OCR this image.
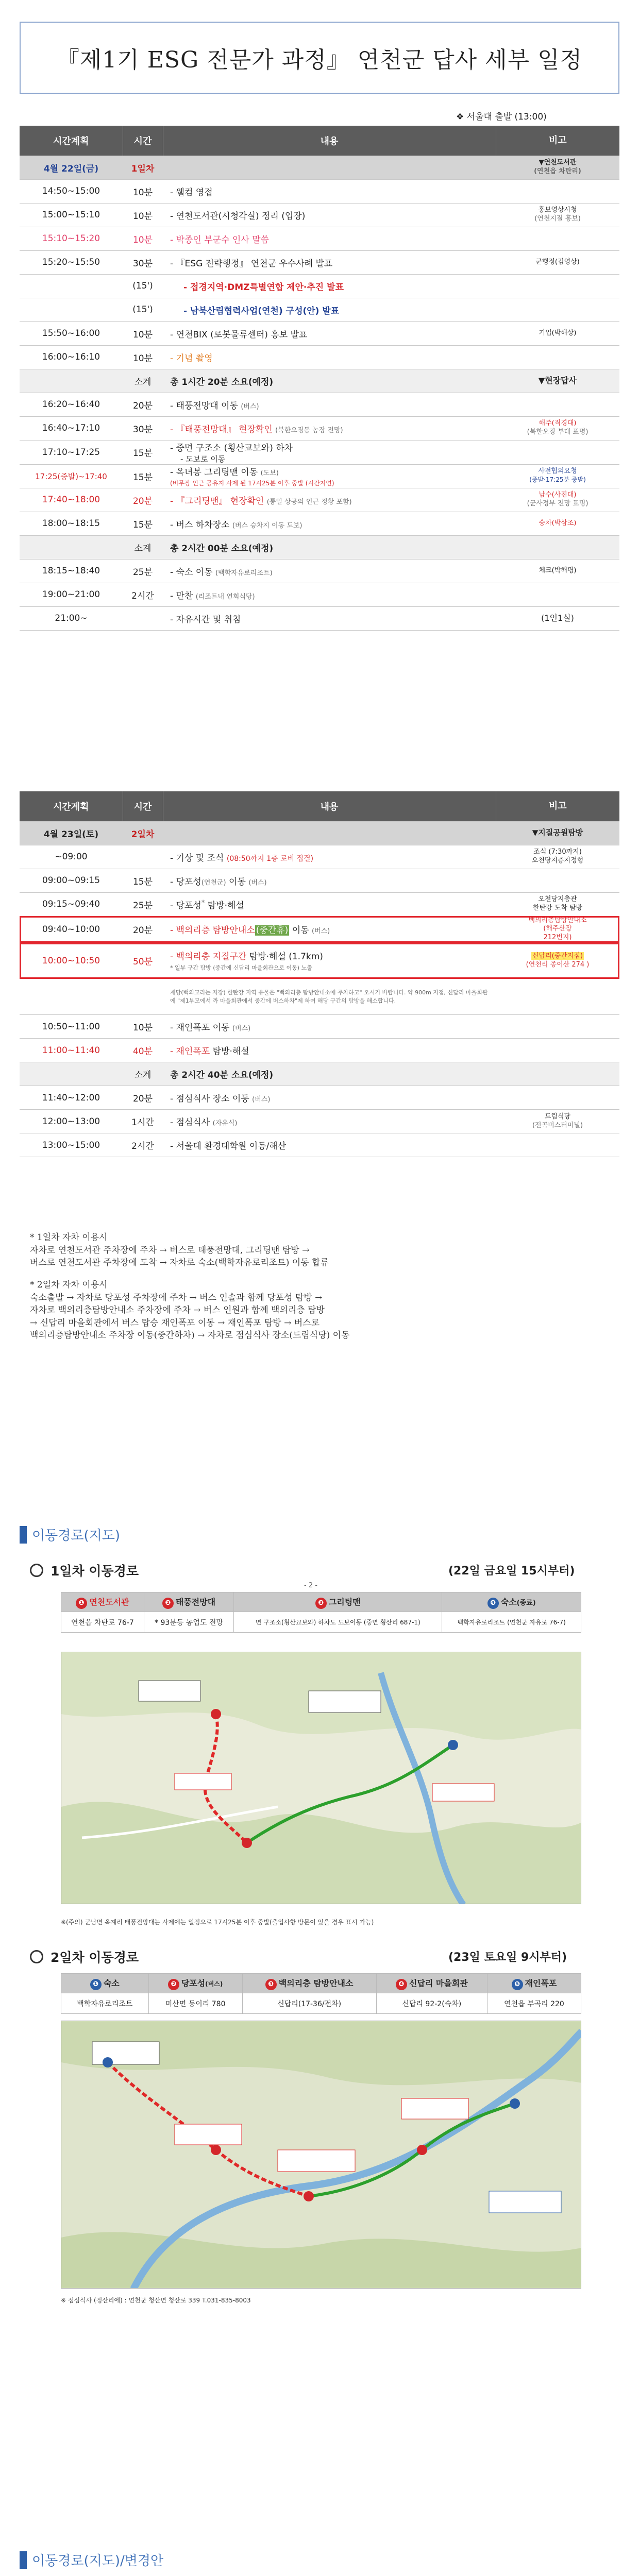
『제1기 ESG 전문가 과정』 연천군 답사 세부 일정
❖ 서울대 출발 (13:00)
시간계획	시간	내용	비고
4월 22일(금)	1일차		▼연천도서관
(연천읍 차탄리)
14:50~15:00	10분	- 웰컴 영접	
15:00~15:10	10분	- 연천도서관(시청각실) 정리 (입장)	홍보영상시청
(연천지질 홍보)
15:10~15:20	10분	- 박종인 부군수 인사 말씀	
15:20~15:50	30분	- 『ESG 전략행정』 연천군 우수사례 발표	군행정(김영상)
	(15')	- 접경지역·DMZ특별연합 제안·추진 발표	
	(15')	- 남북산림협력사업(연천) 구성(안) 발표	
15:50~16:00	10분	- 연천BIX (로봇물류센터) 홍보 발표	기업(박해상)
16:00~16:10	10분	- 기념 촬영	
	소계	총 1시간 20분 소요(예정)	▼현장답사
16:20~16:40	20분	- 태풍전망대 이동 (버스)	
16:40~17:10	30분	- 『태풍전망대』 현장확인 (북한오징동 농장 전망)	해주(직경대)
(북한오징 부대 표명)
17:10~17:25	15분	- 중면 구조소 (횡산교보와) 하차
- 도보로 이동	
17:25(중발)~17:40	15분	- 옥녀봉 그리팅맨 이동 (도보)
(비무장 인근 공유지 사제 된 17시25분 이후 중발 (시간지연)	사전협의요청
(중발·17:25분 중발)
17:40~18:00	20분	- 『그리팅맨』 현장확인 (통일 상공의 인근 정황 포함)	남수(사진대)
(군사정부 전망 표명)
18:00~18:15	15분	- 버스 하차장소 (버스 승차지 이동 도보)	승차(박삼조)
	소계	총 2시간 00분 소요(예정)	
18:15~18:40	25분	- 숙소 이동 (백학자유로리조트)	체크(박해평)
19:00~21:00	2시간	- 만찬 (리조트내 연회식당)	
21:00~		- 자유시간 및 취침	(1인1실)
시간계획	시간	내용	비고
4월 23일(토)	2일차		▼지질공원탐방
~09:00		- 기상 및 조식 (08:50까지 1층 로비 집결)	조식 (7:30까지)
오천당지층지정형
09:00~09:15	15분	- 당포성(연천군) 이동 (버스)	
09:15~09:40	25분	- 당포성* 탐방·해설	오천당지층관
한탄강 도착 탐방
09:40~10:00	20분	- 백의리층 탐방안내소 (중간휴) 이동 (버스)	백의리층탐방안내소
(해주산장
212번지)
10:00~10:50	50분	- 백의리층 지질구간 탐방·해설 (1.7km)
* 일부 구간 탐방 (중간에 신답리 마을회관으로 이동) 노출	신답리(중간지점)
(연천리 종이산 274 )
		제당(백의교리는 저장) 한탄강 지역 유물은 "백의리층 탐방안내소에 주차하고" 오시기 바랍니다. 약 900m 지점, 신답리 마을회관에 "제1부모에서 까 마을회관에서 중간에 버스하차"제 하여 해당 구간의 탐방을 해소합니다.	
10:50~11:00	10분	- 재인폭포 이동 (버스)	
11:00~11:40	40분	- 재인폭포 탐방·해설	
	소계	총 2시간 40분 소요(예정)	
11:40~12:00	20분	- 점심식사 장소 이동 (버스)	
12:00~13:00	1시간	- 점심식사 (자유식)	드림식당
(전곡버스터미널)
13:00~15:00	2시간	- 서울대 환경대학원 이동/해산	
* 1일차 자차 이용시
자차로 연천도서관 주차장에 주차 → 버스로 태풍전망대, 그리팅맨 탐방 →
버스로 연천도서관 주차장에 도착 → 자차로 숙소(백학자유로리조트) 이동 합류
* 2일차 자차 이용시
숙소출발 → 자차로 당포성 주차장에 주차 → 버스 인솔과 함께 당포성 탐방 →
자차로 백의리층탐방안내소 주차장에 주차 → 버스 인원과 함께 백의리층 탐방
→ 신답리 마을회관에서 버스 탑승 재인폭포 이동 → 재인폭포 탐방 → 버스로
백의리층탐방안내소 주차장 이동(중간하차) → 자차로 점심식사 장소(드림식당) 이동
이동경로(지도)
1일차 이동경로	(22일 금요일 15시부터)
- 2 -
❶ 연천도서관	❷ 태풍전망대	❸ 그리팅맨	❹ 숙소(종료)
연천읍 차탄로 76-7	* 93분등 농업도 전망	면 구조소(횡산교보와) 하차도 도보이동 (중면 횡산리 687-1)	백학자유로리조트 (연천군 자유로 76-7)
※(주의) 군남면 옥계리 태풍전망대는 사제에는 일정으로 17시25분 이후 중발(출입사항 방문이 있을 경우 표시 가능)
2일차 이동경로	(23일 토요일 9시부터)
❶ 숙소	❷ 당포성(버스)	❸ 백의리층 탐방안내소	❹ 신답리 마을회관	❺ 재인폭포
백학자유로리조트	미산면 동이리 780	신답리(17-36/전차)	신답리 92-2(숙차)	연천읍 부곡리 220
※ 점심식사 (정산리에) : 연천군 청산면 청산로 339 T.031-835-8003
이동경로(지도)/변경안
